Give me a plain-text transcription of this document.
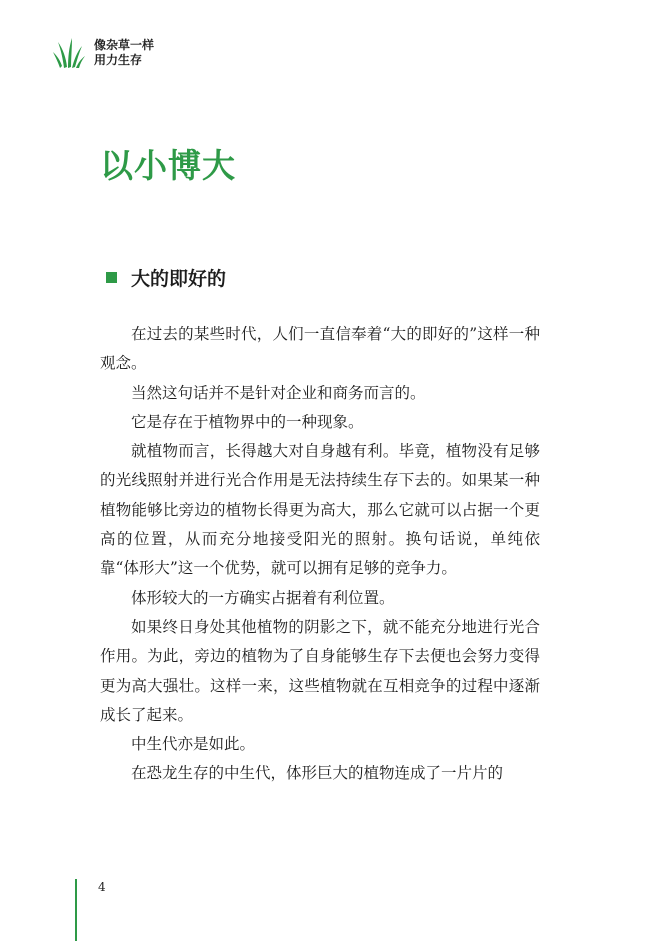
像杂草一样
用力生存
以小博大
大的即好的

在过去的某些时代，人们一直信奉着“大的即好的”这样一种观念。

当然这句话并不是针对企业和商务而言的。

它是存在于植物界中的一种现象。

就植物而言，长得越大对自身越有利。毕竟，植物没有足够的光线照射并进行光合作用是无法持续生存下去的。如果某一种植物能够比旁边的植物长得更为高大，那么它就可以占据一个更高的位置，从而充分地接受阳光的照射。换句话说，单纯依靠“体形大”这一个优势，就可以拥有足够的竞争力。

体形较大的一方确实占据着有利位置。

如果终日身处其他植物的阴影之下，就不能充分地进行光合作用。为此，旁边的植物为了自身能够生存下去便也会努力变得更为高大强壮。这样一来，这些植物就在互相竞争的过程中逐渐成长了起来。

中生代亦是如此。

在恐龙生存的中生代，体形巨大的植物连成了一片片的

4
